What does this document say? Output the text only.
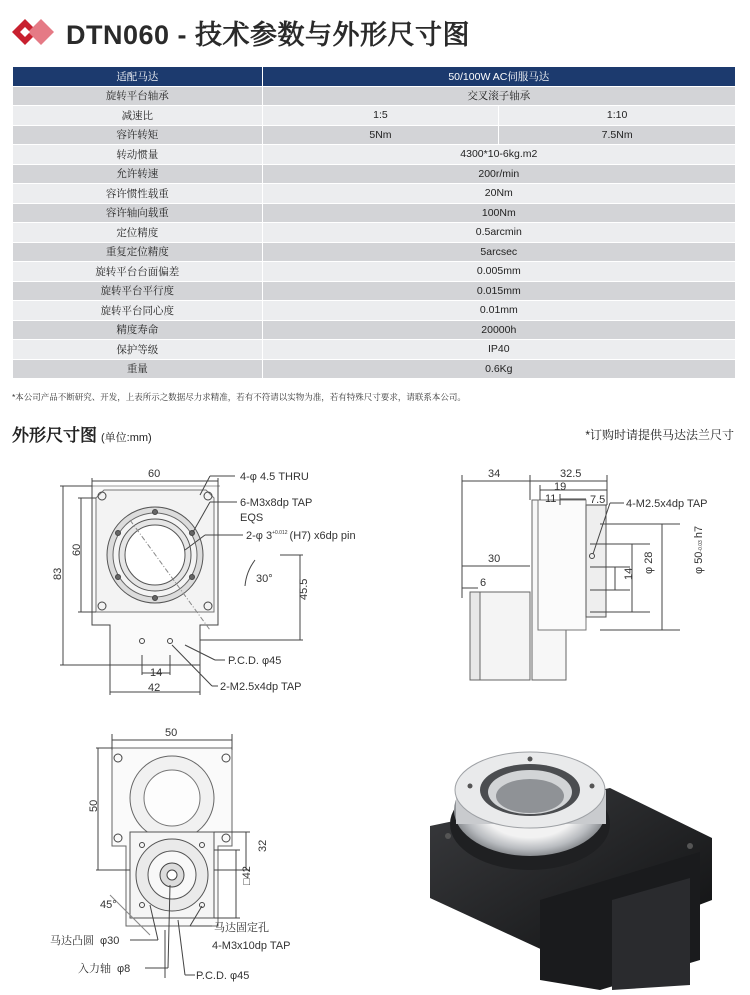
DTN060 - 技术参数与外形尺寸图
适配马达	50/100W AC伺服马达	
旋转平台轴承	交叉滚子轴承	
减速比	1:5	1:10
容许转矩	5Nm	7.5Nm
转动惯量	4300*10-6kg.m2	
允许转速	200r/min	
容许惯性载重	20Nm	
容许轴向载重	100Nm	
定位精度	0.5arcmin	
重复定位精度	5arcsec	
旋转平台台面偏差	0.005mm	
旋转平台平行度	0.015mm	
旋转平台同心度	0.01mm	
精度寿命	20000h	
保护等级	IP40	
重量	0.6Kg	
*本公司产品不断研究、开发，上表所示之数据尽力求精准，若有不符请以实物为准，若有特殊尺寸要求，请联系本公司。
外形尺寸图 (单位:mm)	*订购时请提供马达法兰尺寸
60
60
83
4-φ 4.5 THRU
6-M3x8dp TAP
EQS
2-φ $3^{+0.012}$ (H7) x6dp pin
30° 45.5
P.C.D. φ45
14
42	2-M2.5x4dp TAP
34	32.5
19
11	7.5 4-M2.5x4dp TAP
30
6
14 φ 28	φ 50-0.03h7
50
50
32
□42
45°
马达固定孔
4-M3x10dp TAP
马达凸圆 φ30
入力轴 φ8
P.C.D. φ45
